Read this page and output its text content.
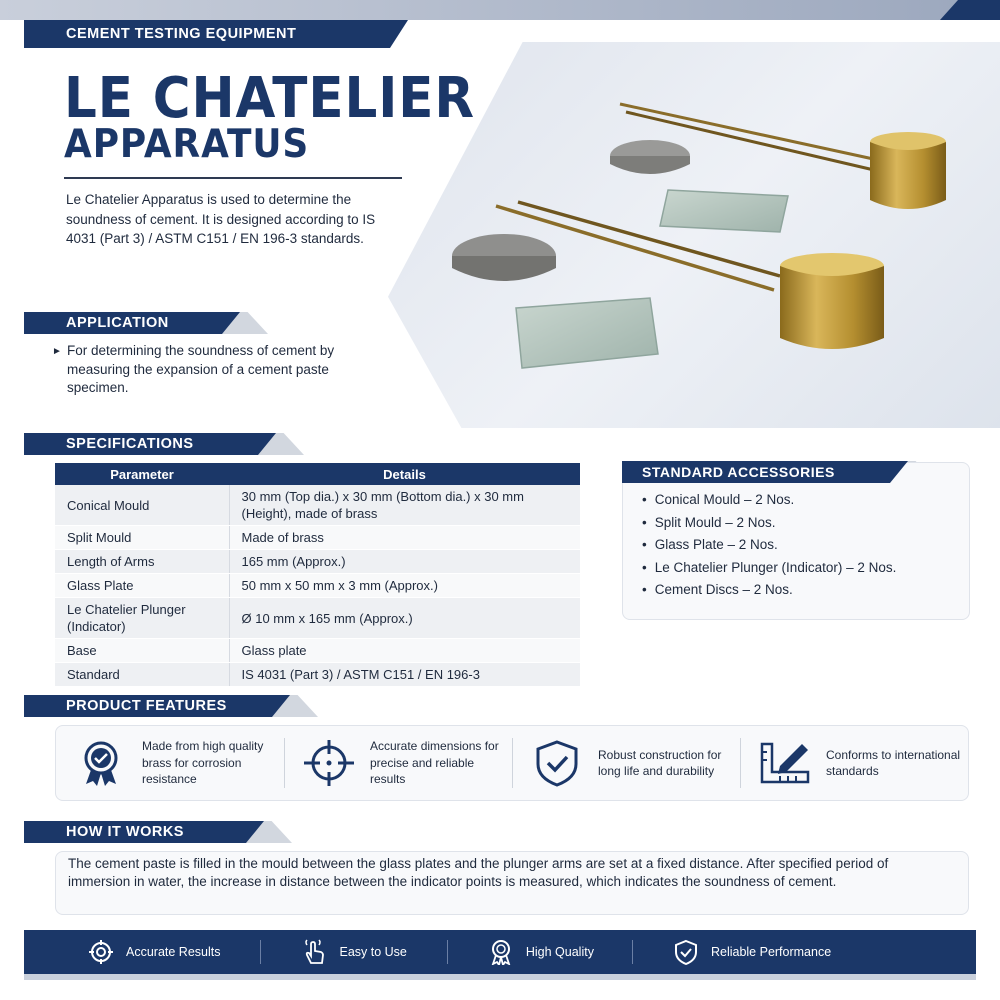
CEMENT TESTING EQUIPMENT
LE CHATELIER
APPARATUS

Le Chatelier Apparatus is used to determine the soundness of cement. It is designed according to IS 4031 (Part 3) / ASTM C151 / EN 196-3 standards.

APPLICATION
► For determining the soundness of cement by measuring the expansion of a cement paste specimen.
SPECIFICATIONS
Parameter	Details
Conical Mould	30 mm (Top dia.) x 30 mm (Bottom dia.) x 30 mm (Height), made of brass
Split Mould	Made of brass
Length of Arms	165 mm (Approx.)
Glass Plate	50 mm x 50 mm x 3 mm (Approx.)
Le Chatelier Plunger (Indicator)	Ø 10 mm x 165 mm (Approx.)
Base	Glass plate
Standard	IS 4031 (Part 3) / ASTM C151 / EN 196-3
STANDARD ACCESSORIES
• Conical Mould – 2 Nos.
• Split Mould – 2 Nos.
• Glass Plate – 2 Nos.
• Le Chatelier Plunger (Indicator) – 2 Nos.
• Cement Discs – 2 Nos.
PRODUCT FEATURES
Made from high quality brass for corrosion resistance
Accurate dimensions for precise and reliable results
Robust construction for long life and durability
Conforms to international standards
HOW IT WORKS

The cement paste is filled in the mould between the glass plates and the plunger arms are set at a fixed distance. After specified period of immersion in water, the increase in distance between the indicator points is measured, which indicates the soundness of cement.

Accurate Results	Easy to Use	High Quality	Reliable Performance
